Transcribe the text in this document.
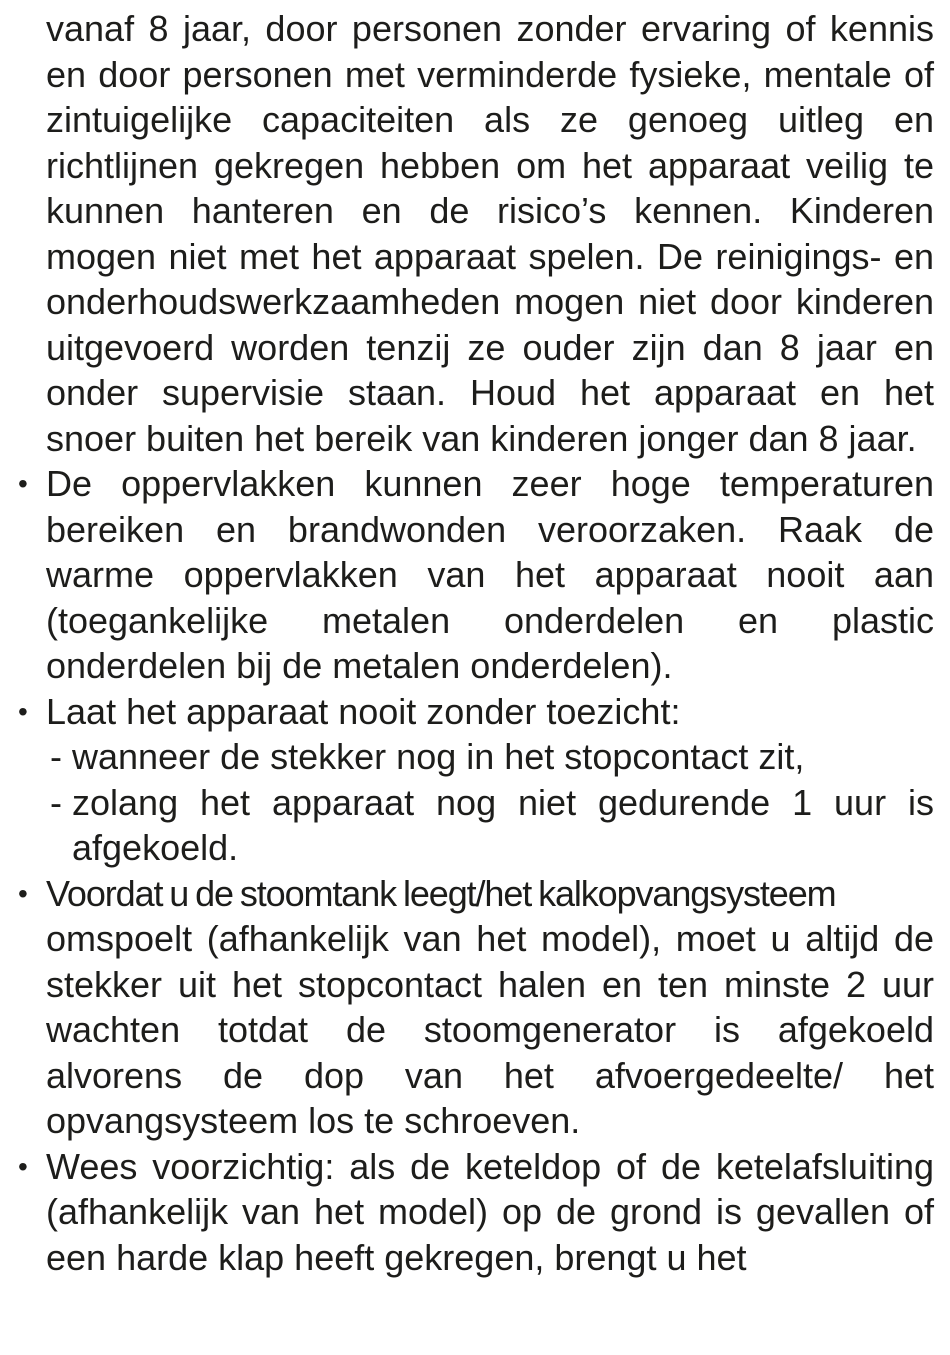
vanaf 8 jaar, door personen zonder ervaring of kennis en door personen met verminderde fysieke, mentale of zintuigelijke capaciteiten als ze genoeg uitleg en richtlijnen gekregen hebben om het apparaat veilig te kunnen hanteren en de risico’s kennen. Kinderen mogen niet met het apparaat spelen. De reinigings- en onderhoudswerkzaamheden mogen niet door kinderen uitgevoerd worden tenzij ze ouder zijn dan 8 jaar en onder supervisie staan. Houd het apparaat en het snoer buiten het bereik van kinderen jonger dan 8 jaar.

• De oppervlakken kunnen zeer hoge temperaturen bereiken en brandwonden veroorzaken. Raak de warme oppervlakken van het apparaat nooit aan (toegankelijke metalen onderdelen en plastic onderdelen bij de metalen onderdelen).

• Laat het apparaat nooit zonder toezicht:

- wanneer de stekker nog in het stopcontact zit,

- zolang het apparaat nog niet gedurende 1 uur is afgekoeld.

• Voordat u de stoomtank leegt/het kalkopvangsysteem

omspoelt (afhankelijk van het model), moet u altijd de stekker uit het stopcontact halen en ten minste 2 uur wachten totdat de stoomgenerator is afgekoeld alvorens de dop van het afvoergedeelte/ het opvangsysteem los te schroeven.

• Wees voorzichtig: als de keteldop of de ketelafsluiting (afhankelijk van het model) op de grond is gevallen of een harde klap heeft gekregen, brengt u het
